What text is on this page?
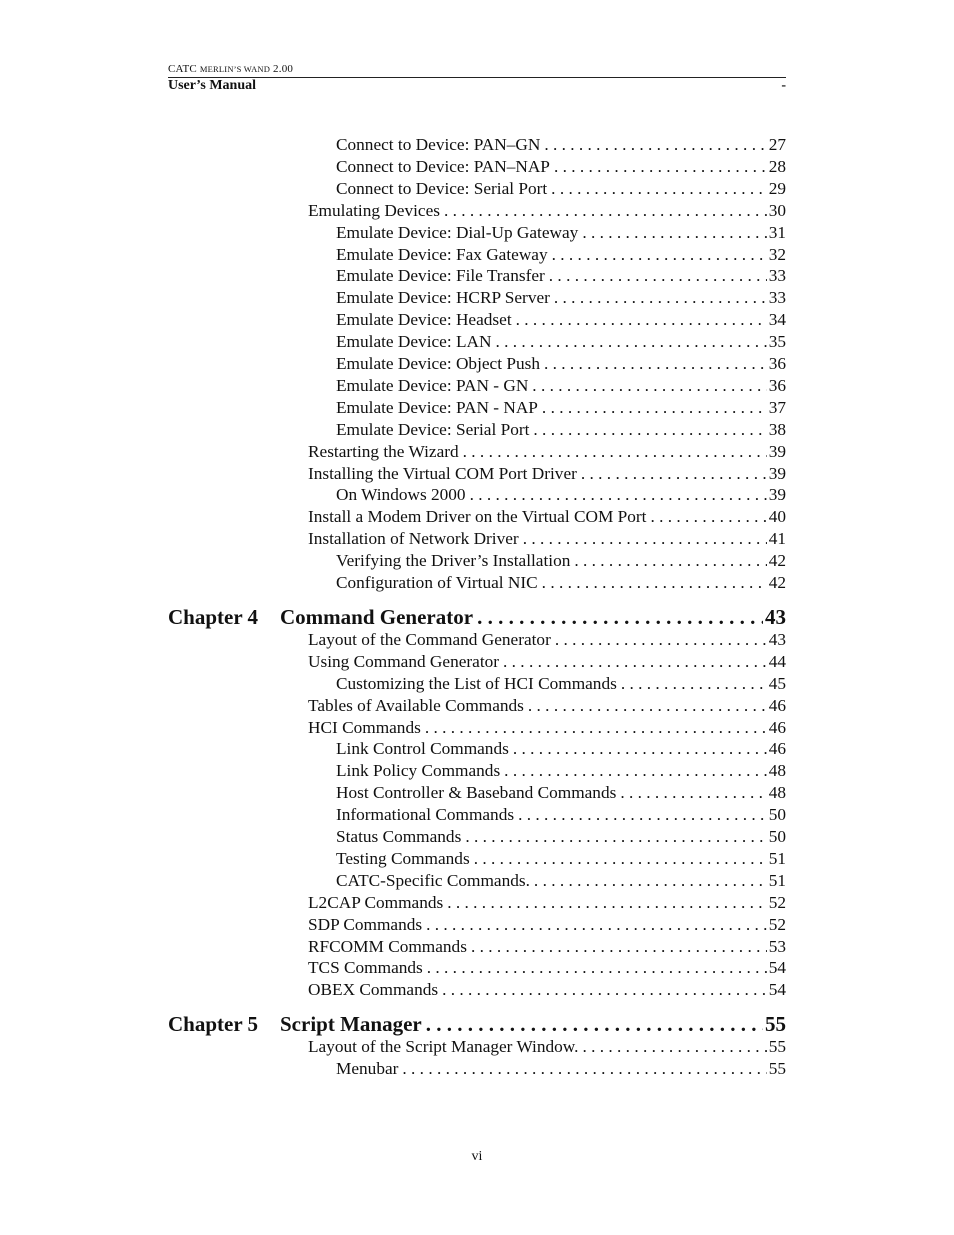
CATC MERLIN’S WAND 2.00
User’s Manual	-
Connect to Device: PAN–GN . . .	27
Connect to Device: PAN–NAP . . .	28
Connect to Device: Serial Port . . .	29
Emulating Devices . . .	30
Emulate Device: Dial-Up Gateway . . .	31
Emulate Device: Fax Gateway . . .	32
Emulate Device: File Transfer . . .	33
Emulate Device: HCRP Server . . .	33
Emulate Device: Headset . . .	34
Emulate Device: LAN . . .	35
Emulate Device: Object Push . . .	36
Emulate Device: PAN - GN . . .	36
Emulate Device: PAN - NAP . . .	37
Emulate Device: Serial Port . . .	38
Restarting the Wizard . . .	39
Installing the Virtual COM Port Driver . . .	39
On Windows 2000 . . .	39
Install a Modem Driver on the Virtual COM Port . . .	40
Installation of Network Driver . . .	41
Verifying the Driver’s Installation . . .	42
Configuration of Virtual NIC . . .	42
Chapter 4 Command Generator . . .	43
Layout of the Command Generator . . .	43
Using Command Generator . . .	44
Customizing the List of HCI Commands . . .	45
Tables of Available Commands . . .	46
HCI Commands . . .	46
Link Control Commands . . .	46
Link Policy Commands . . .	48
Host Controller & Baseband Commands . . .	48
Informational Commands . . .	50
Status Commands . . .	50
Testing Commands . . .	51
CATC-Specific Commands. . . .	51
L2CAP Commands . . .	52
SDP Commands . . .	52
RFCOMM Commands . . .	53
TCS Commands . . .	54
OBEX Commands . . .	54
Chapter 5 Script Manager . . .	55
Layout of the Script Manager Window. . . .	55
Menubar . . .	55
vi
